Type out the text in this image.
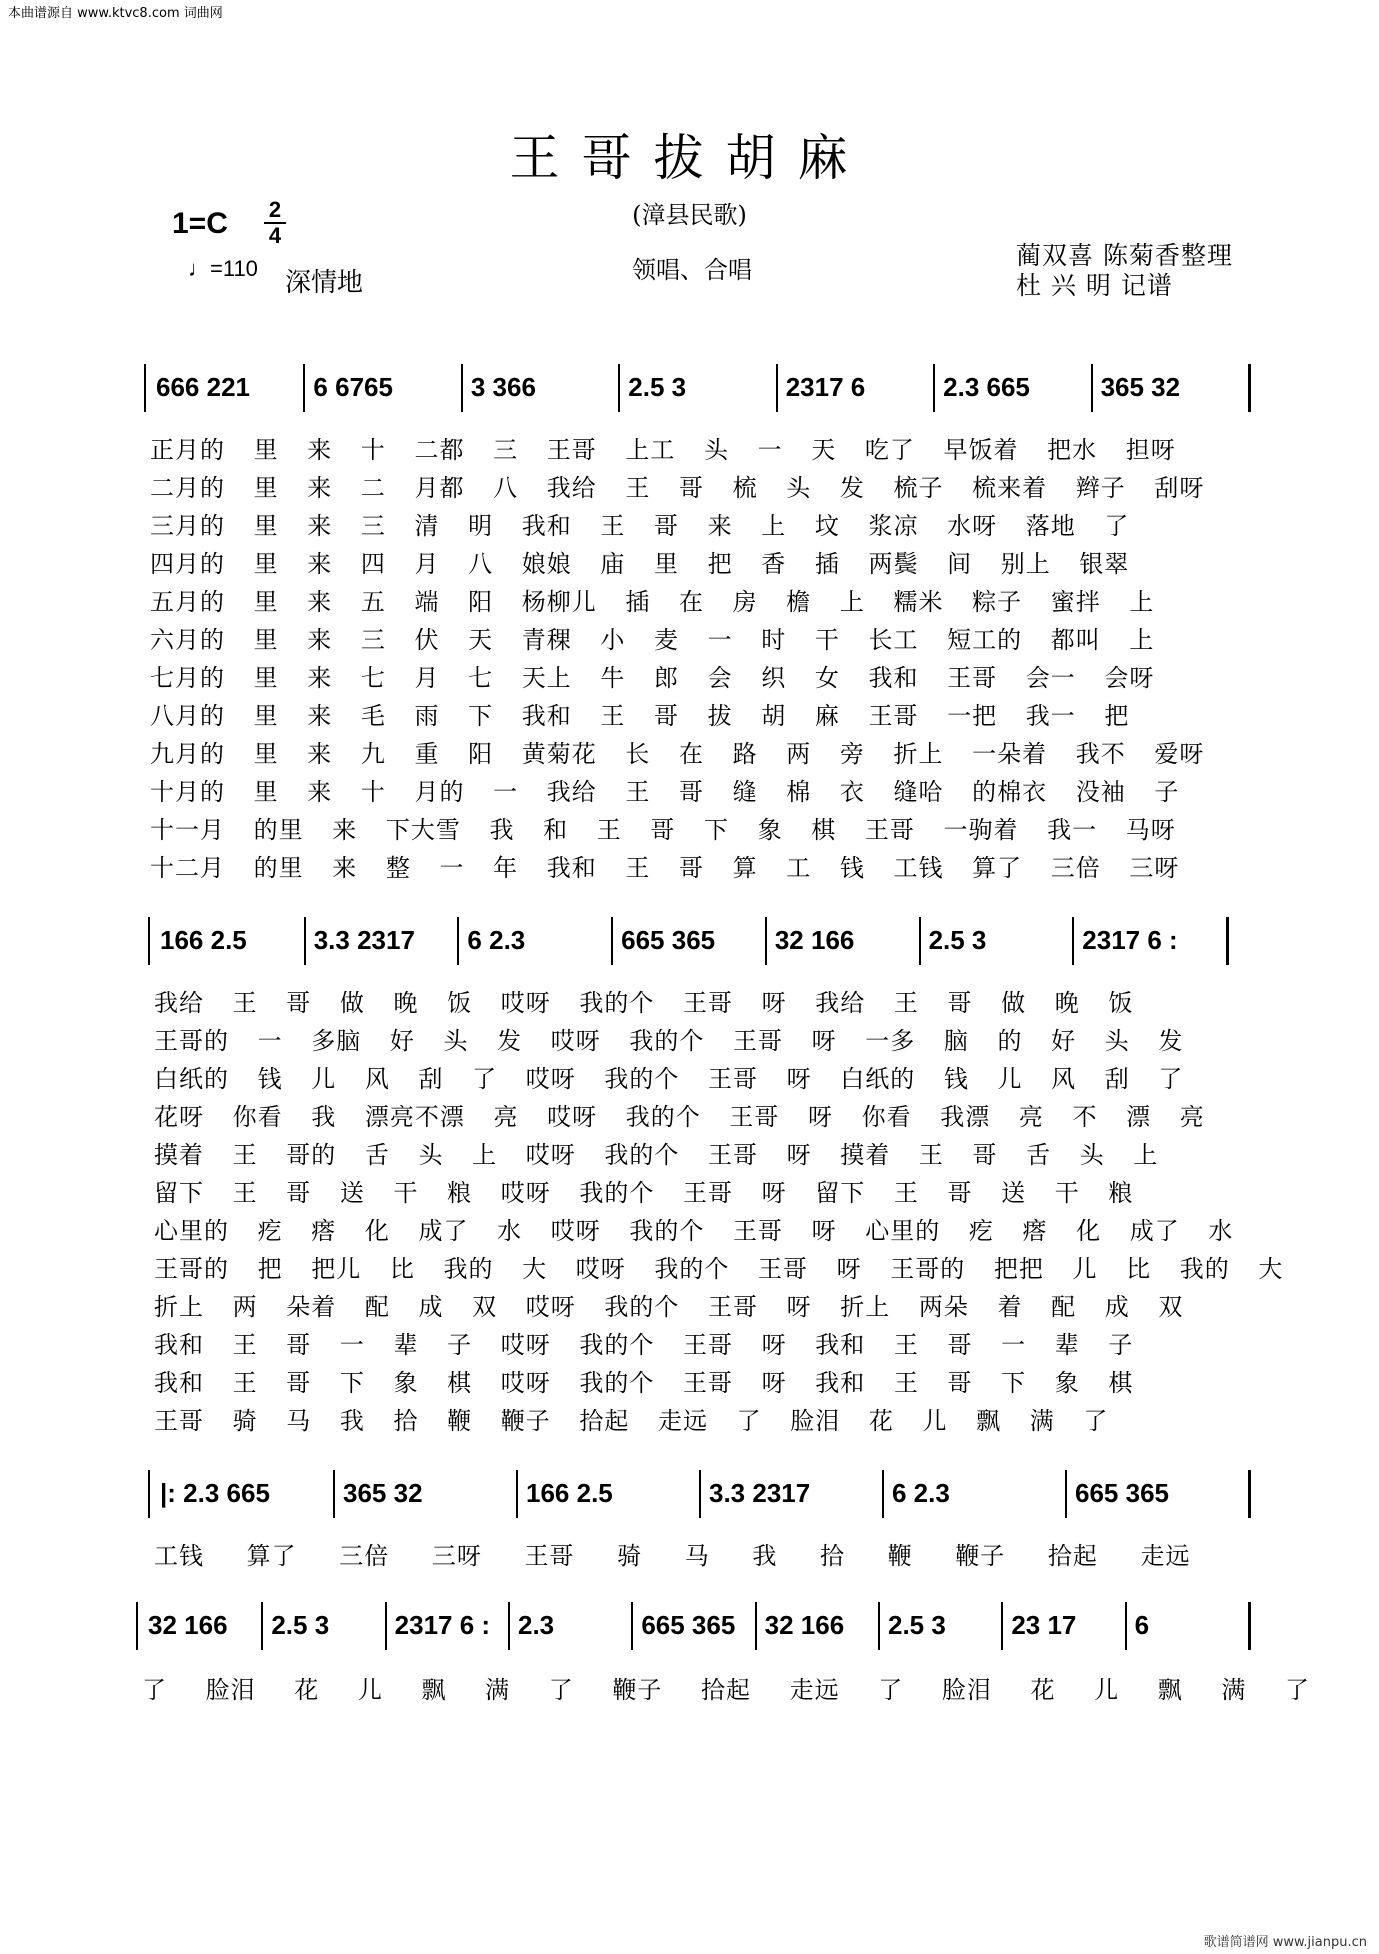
本曲谱源自 www.ktvc8.com 词曲网
王哥拔胡麻
(漳县民歌)
1=C	2
4
♩=110 深情地	领唱、合唱	蔺双喜 陈菊香整理
杜 兴 明 记谱
666 221 6 6765	3 366	2.5 3	2317 6	2.3 665	365 32
正月的 里 来 十 二都 三 王哥 上工 头 一 天 吃了 早饭着 把水 担呀
二月的 里 来 二 月都 八 我给 王 哥 梳 头 发 梳子 梳来着 辫子 刮呀
三月的 里 来 三 清 明 我和 王 哥 来 上 坟 浆凉 水呀 落地 了
四月的 里 来 四 月 八 娘娘 庙 里 把 香 插 两鬓 间 别上 银翠
五月的 里 来 五 端 阳 杨柳儿 插 在 房 檐 上 糯米 粽子 蜜拌 上
六月的 里 来 三 伏 天 青稞 小 麦 一 时 干 长工 短工的 都叫 上
七月的 里 来 七 月 七 天上 牛 郎 会 织 女 我和 王哥 会一 会呀
八月的 里 来 毛 雨 下 我和 王 哥 拔 胡 麻 王哥 一把 我一 把
九月的 里 来 九 重 阳 黄菊花 长 在 路 两 旁 折上 一朵着 我不 爱呀
十月的 里 来 十 月的 一 我给 王 哥 缝 棉 衣 缝哈 的棉衣 没袖 子
十一月 的里 来 下大雪 我 和 王 哥 下 象 棋 王哥 一驹着 我一 马呀
十二月 的里 来 整 一 年 我和 王 哥 算 工 钱 工钱 算了 三倍 三呀
166 2.5	3.3 2317 6 2.3	665 365 32 166	2.5 3	2317 6 :
我给 王 哥 做 晚 饭 哎呀 我的个 王哥 呀 我给 王 哥 做 晚 饭
王哥的 一 多脑 好 头 发 哎呀 我的个 王哥 呀 一多 脑 的 好 头 发
白纸的 钱 儿 风 刮 了 哎呀 我的个 王哥 呀 白纸的 钱 儿 风 刮 了
花呀 你看 我 漂亮不漂 亮 哎呀 我的个 王哥 呀 你看 我漂 亮 不 漂 亮
摸着 王 哥的 舌 头 上 哎呀 我的个 王哥 呀 摸着 王 哥 舌 头 上
留下 王 哥 送 干 粮 哎呀 我的个 王哥 呀 留下 王 哥 送 干 粮
心里的 疙 瘩 化 成了 水 哎呀 我的个 王哥 呀 心里的 疙 瘩 化 成了 水
王哥的 把 把儿 比 我的 大 哎呀 我的个 王哥 呀 王哥的 把把 儿 比 我的 大
折上 两 朵着 配 成 双 哎呀 我的个 王哥 呀 折上 两朵 着 配 成 双
我和 王 哥 一 辈 子 哎呀 我的个 王哥 呀 我和 王 哥 一 辈 子
我和 王 哥 下 象 棋 哎呀 我的个 王哥 呀 我和 王 哥 下 象 棋
王哥 骑 马 我 拾 鞭 鞭子 拾起 走远 了 脸泪 花 儿 飘 满 了
|: 2.3 665	365 32	166 2.5	3.3 2317	6 2.3	665 365
工钱 算了 三倍 三呀 王哥 骑 马 我 拾 鞭 鞭子 拾起 走远
32 166 2.5 3	2317 6 : 2.3	665 365 32 166 2.5 3	23 17 6
了 脸泪 花 儿 飘 满 了 鞭子 拾起 走远 了 脸泪 花 儿 飘 满 了
歌谱简谱网 www.jianpu.cn
